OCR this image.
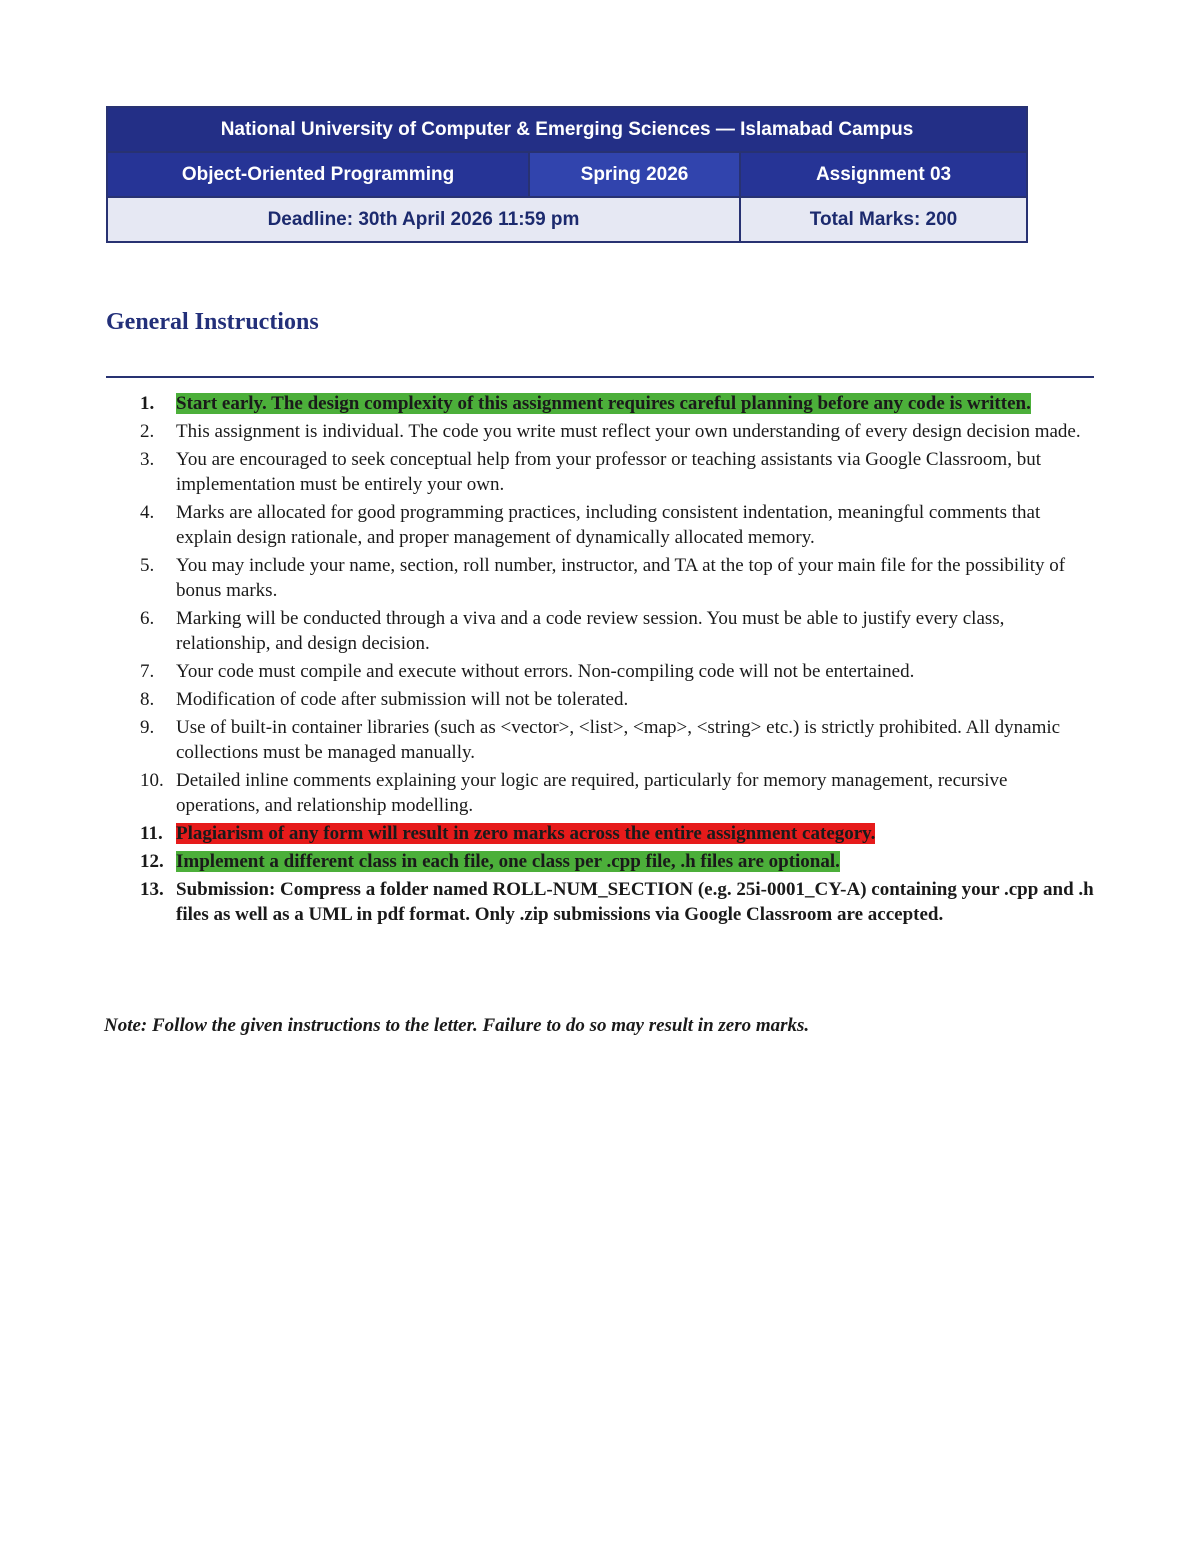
National University of Computer & Emerging Sciences — Islamabad Campus		
Object-Oriented Programming	Spring 2026	Assignment 03
Deadline: 30th April 2026 11:59 pm		Total Marks: 200
General Instructions
1.	Start early. The design complexity of this assignment requires careful planning before any code is written.
2.	This assignment is individual. The code you write must reflect your own understanding of every design decision made.
3.	You are encouraged to seek conceptual help from your professor or teaching assistants via Google Classroom, but implementation must be entirely your own.
4.	Marks are allocated for good programming practices, including consistent indentation, meaningful comments that explain design rationale, and proper management of dynamically allocated memory.
5.	You may include your name, section, roll number, instructor, and TA at the top of your main file for the possibility of bonus marks.
6.	Marking will be conducted through a viva and a code review session. You must be able to justify every class, relationship, and design decision.
7.	Your code must compile and execute without errors. Non-compiling code will not be entertained.
8.	Modification of code after submission will not be tolerated.
9.	Use of built-in container libraries (such as <vector>, <list>, <map>, <string> etc.) is strictly prohibited. All dynamic collections must be managed manually.
10. Detailed inline comments explaining your logic are required, particularly for memory management, recursive operations, and relationship modelling.
11. Plagiarism of any form will result in zero marks across the entire assignment category.
12. Implement a different class in each file, one class per .cpp file, .h files are optional.
13. Submission: Compress a folder named ROLL-NUM_SECTION (e.g. 25i-0001_CY-A) containing your .cpp and .h files as well as a UML in pdf format. Only .zip submissions via Google Classroom are accepted.

Note: Follow the given instructions to the letter. Failure to do so may result in zero marks.
